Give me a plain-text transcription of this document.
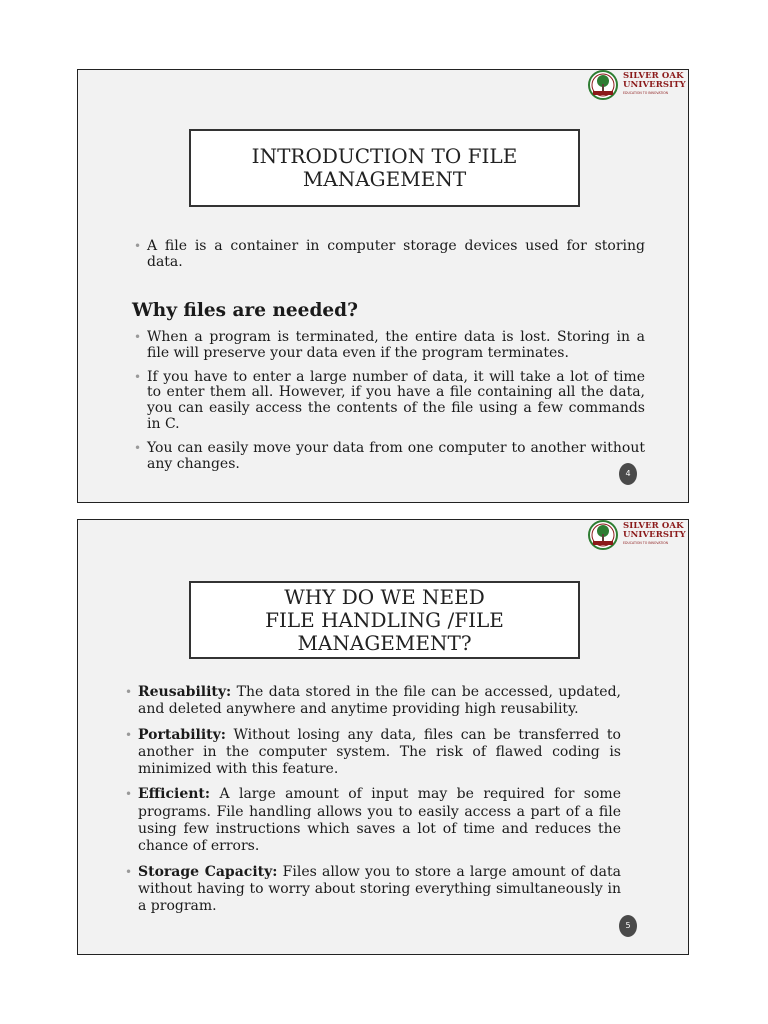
SILVER OAK
UNIVERSITY
EDUCATION TO INNOVATION
INTRODUCTION TO FILE
MANAGEMENT
• A file is a container in computer storage devices used for storing data.
Why files are needed?
• When a program is terminated, the entire data is lost. Storing in a file will preserve your data even if the program terminates.
• If you have to enter a large number of data, it will take a lot of time to enter them all. However, if you have a file containing all the data, you can easily access the contents of the file using a few commands in C.
• You can easily move your data from one computer to another without any changes.
4
SILVER OAK
UNIVERSITY
EDUCATION TO INNOVATION
WHY DO WE NEED
FILE HANDLING /FILE
MANAGEMENT?
• Reusability: The data stored in the file can be accessed, updated, and deleted anywhere and anytime providing high reusability.
• Portability: Without losing any data, files can be transferred to another in the computer system. The risk of flawed coding is minimized with this feature.
• Efficient: A large amount of input may be required for some programs. File handling allows you to easily access a part of a file using few instructions which saves a lot of time and reduces the chance of errors.
• Storage Capacity: Files allow you to store a large amount of data without having to worry about storing everything simultaneously in a program.
5
